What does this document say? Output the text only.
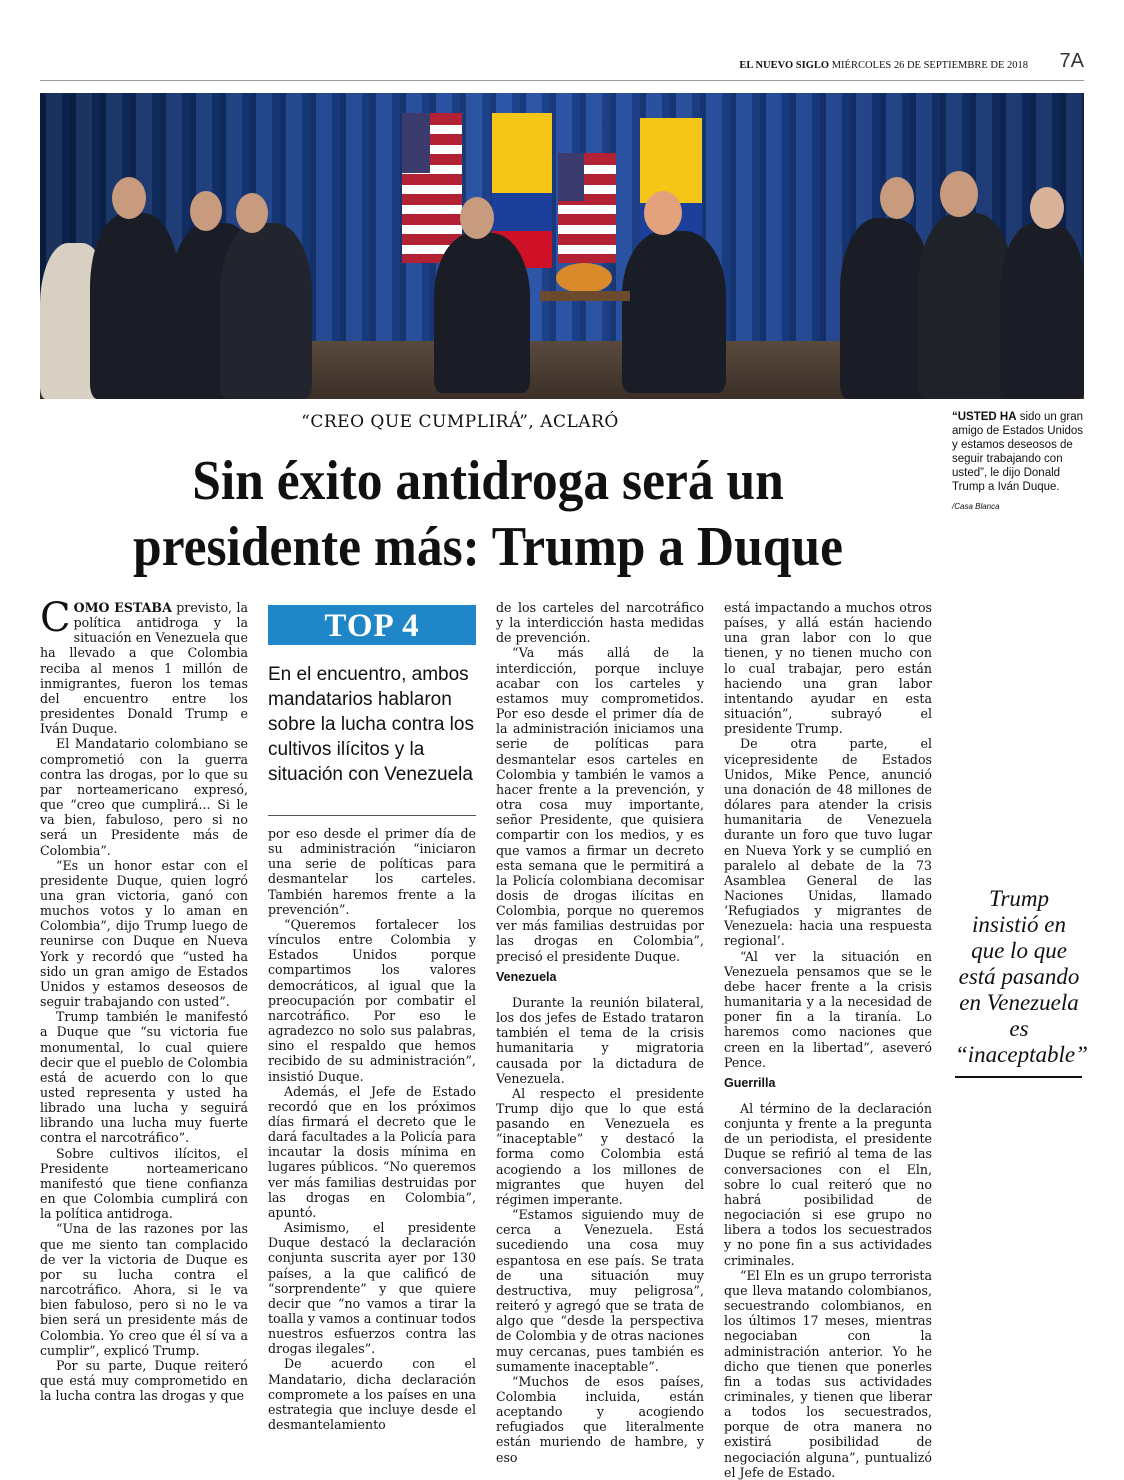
EL NUEVO SIGLO MIÉRCOLES 26 DE SEPTIEMBRE DE 2018 7A
“CREO QUE CUMPLIRÁ”, ACLARÓ
Sin éxito antidroga será un
presidente más: Trump a Duque
“USTED HA sido un gran amigo de Estados Unidos y estamos deseosos de seguir trabajando con usted”, le dijo Donald Trump a Iván Duque.
/Casa Blanca

COMO ESTABA previsto, la política antidroga y la situación en Venezuela que ha llevado a que Colombia reciba al menos 1 millón de inmigrantes, fueron los temas del encuentro entre los presidentes Donald Trump e Iván Duque.

El Mandatario colombiano se comprometió con la guerra contra las drogas, por lo que su par norteamericano expresó, que “creo que cumplirá... Si le va bien, fabuloso, pero si no será un Presidente más de Colombia”.

“Es un honor estar con el presidente Duque, quien logró una gran victoria, ganó con muchos votos y lo aman en Colombia”, dijo Trump luego de reunirse con Duque en Nueva York y recordó que “usted ha sido un gran amigo de Estados Unidos y estamos deseosos de seguir trabajando con usted”.

Trump también le manifestó a Duque que “su victoria fue monumental, lo cual quiere decir que el pueblo de Colombia está de acuerdo con lo que usted representa y usted ha librado una lucha y seguirá librando una lucha muy fuerte contra el narcotráfico”.

Sobre cultivos ilícitos, el Presidente norteamericano manifestó que tiene confianza en que Colombia cumplirá con la política antidroga.

“Una de las razones por las que me siento tan complacido de ver la victoria de Duque es por su lucha contra el narcotráfico. Ahora, si le va bien fabuloso, pero si no le va bien será un presidente más de Colombia. Yo creo que él sí va a cumplir”, explicó Trump.

Por su parte, Duque reiteró que está muy comprometido en la lucha contra las drogas y que

TOP 4
En el encuentro, ambos mandatarios hablaron sobre la lucha contra los cultivos ilícitos y la situación con Venezuela

por eso desde el primer día de su administración “iniciaron una serie de políticas para desmantelar los carteles. También haremos frente a la prevención”.

“Queremos fortalecer los vínculos entre Colombia y Estados Unidos porque compartimos los valores democráticos, al igual que la preocupación por combatir el narcotráfico. Por eso le agradezco no solo sus palabras, sino el respaldo que hemos recibido de su administración”, insistió Duque.

Además, el Jefe de Estado recordó que en los próximos días firmará el decreto que le dará facultades a la Policía para incautar la dosis mínima en lugares públicos. “No queremos ver más familias destruidas por las drogas en Colombia”, apuntó.

Asimismo, el presidente Duque destacó la declaración conjunta suscrita ayer por 130 países, a la que calificó de “sorprendente” y que quiere decir que “no vamos a tirar la toalla y vamos a continuar todos nuestros esfuerzos contra las drogas ilegales”.

De acuerdo con el Mandatario, dicha declaración compromete a los países en una estrategia que incluye desde el desmantelamiento

de los carteles del narcotráfico y la interdicción hasta medidas de prevención.

“Va más allá de la interdicción, porque incluye acabar con los carteles y estamos muy comprometidos. Por eso desde el primer día de la administración iniciamos una serie de políticas para desmantelar esos carteles en Colombia y también le vamos a hacer frente a la prevención, y otra cosa muy importante, señor Presidente, que quisiera compartir con los medios, y es que vamos a firmar un decreto esta semana que le permitirá a la Policía colombiana decomisar dosis de drogas ilícitas en Colombia, porque no queremos ver más familias destruidas por las drogas en Colombia”, precisó el presidente Duque.

Venezuela

Durante la reunión bilateral, los dos jefes de Estado trataron también el tema de la crisis humanitaria y migratoria causada por la dictadura de Venezuela.

Al respecto el presidente Trump dijo que lo que está pasando en Venezuela es “inaceptable” y destacó la forma como Colombia está acogiendo a los millones de migrantes que huyen del régimen imperante.

“Estamos siguiendo muy de cerca a Venezuela. Está sucediendo una cosa muy espantosa en ese país. Se trata de una situación muy destructiva, muy peligrosa”, reiteró y agregó que se trata de algo que “desde la perspectiva de Colombia y de otras naciones muy cercanas, pues también es sumamente inaceptable”.

“Muchos de esos países, Colombia incluida, están aceptando y acogiendo refugiados que literalmente están muriendo de hambre, y eso

está impactando a muchos otros países, y allá están haciendo una gran labor con lo que tienen, y no tienen mucho con lo cual trabajar, pero están haciendo una gran labor intentando ayudar en esta situación”, subrayó el presidente Trump.

De otra parte, el vicepresidente de Estados Unidos, Mike Pence, anunció una donación de 48 millones de dólares para atender la crisis humanitaria de Venezuela durante un foro que tuvo lugar en Nueva York y se cumplió en paralelo al debate de la 73 Asamblea General de las Naciones Unidas, llamado ‘Refugiados y migrantes de Venezuela: hacia una respuesta regional’.

“Al ver la situación en Venezuela pensamos que se le debe hacer frente a la crisis humanitaria y a la necesidad de poner fin a la tiranía. Lo haremos como naciones que creen en la libertad”, aseveró Pence.

Guerrilla

Al término de la declaración conjunta y frente a la pregunta de un periodista, el presidente Duque se refirió al tema de las conversaciones con el Eln, sobre lo cual reiteró que no habrá posibilidad de negociación si ese grupo no libera a todos los secuestrados y no pone fin a sus actividades criminales.

“El Eln es un grupo terrorista que lleva matando colombianos, secuestrando colombianos, en los últimos 17 meses, mientras negociaban con la administración anterior. Yo he dicho que tienen que ponerles fin a todas sus actividades criminales, y tienen que liberar a todos los secuestrados, porque de otra manera no existirá posibilidad de negociación alguna”, puntualizó el Jefe de Estado.

Trump insistió en que lo que está pasando en Venezuela es “inaceptable”
